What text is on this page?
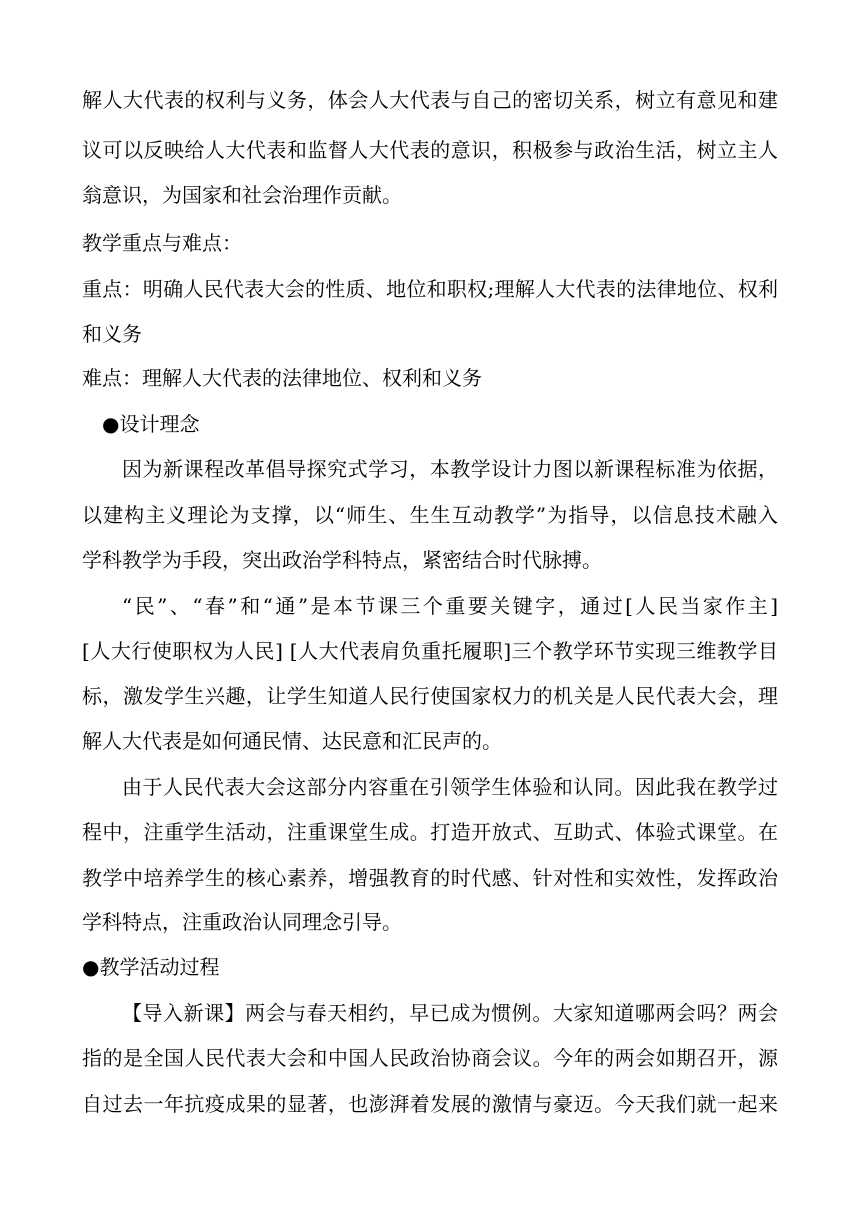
解人大代表的权利与义务，体会人大代表与自己的密切关系，树立有意见和建
议可以反映给人大代表和监督人大代表的意识，积极参与政治生活，树立主人
翁意识，为国家和社会治理作贡献。
教学重点与难点：
重点：明确人民代表大会的性质、地位和职权;理解人大代表的法律地位、权利
和义务
难点：理解人大代表的法律地位、权利和义务
●设计理念
因为新课程改革倡导探究式学习，本教学设计力图以新课程标准为依据，
以建构主义理论为支撑，以“师生、生生互动教学”为指导，以信息技术融入
学科教学为手段，突出政治学科特点，紧密结合时代脉搏。
“民”、“春”和“通”是本节课三个重要关键字，通过[人民当家作主]
[人大行使职权为人民] [人大代表肩负重托履职]三个教学环节实现三维教学目
标，激发学生兴趣，让学生知道人民行使国家权力的机关是人民代表大会，理
解人大代表是如何通民情、达民意和汇民声的。
由于人民代表大会这部分内容重在引领学生体验和认同。因此我在教学过
程中，注重学生活动，注重课堂生成。打造开放式、互助式、体验式课堂。在
教学中培养学生的核心素养，增强教育的时代感、针对性和实效性，发挥政治
学科特点，注重政治认同理念引导。
●教学活动过程
【导入新课】两会与春天相约，早已成为惯例。大家知道哪两会吗？两会
指的是全国人民代表大会和中国人民政治协商会议。今年的两会如期召开，源
自过去一年抗疫成果的显著，也澎湃着发展的激情与豪迈。今天我们就一起来
